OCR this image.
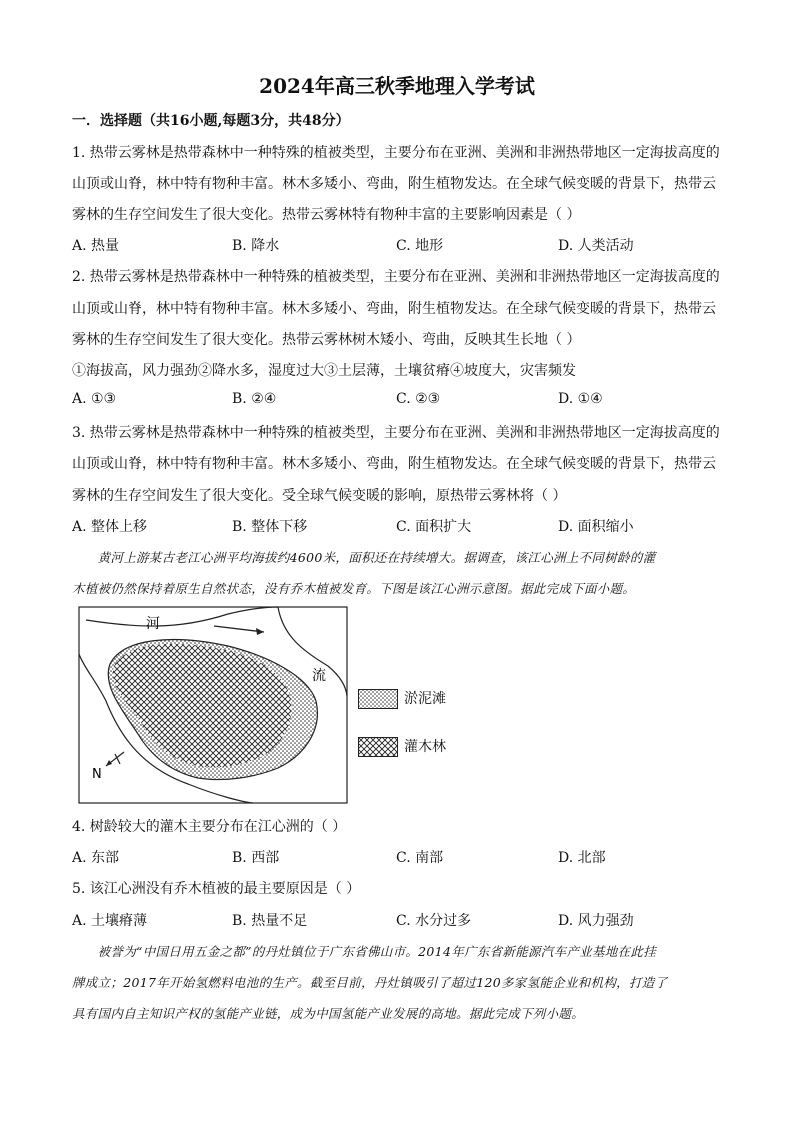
2024年高三秋季地理入学考试
一．选择题（共16小题,每题3分，共48分）
1. 热带云雾林是热带森林中一种特殊的植被类型，主要分布在亚洲、美洲和非洲热带地区一定海拔高度的
山顶或山脊，林中特有物种丰富。林木多矮小、弯曲，附生植物发达。在全球气候变暖的背景下，热带云
雾林的生存空间发生了很大变化。热带云雾林特有物种丰富的主要影响因素是（ ）
A. 热量	B. 降水	C. 地形	D. 人类活动
2. 热带云雾林是热带森林中一种特殊的植被类型，主要分布在亚洲、美洲和非洲热带地区一定海拔高度的
山顶或山脊，林中特有物种丰富。林木多矮小、弯曲，附生植物发达。在全球气候变暖的背景下，热带云
雾林的生存空间发生了很大变化。热带云雾林树木矮小、弯曲，反映其生长地（ ）
①海拔高，风力强劲②降水多，湿度过大③土层薄，土壤贫瘠④坡度大，灾害频发
A. ①③	B. ②④	C. ②③	D. ①④
3. 热带云雾林是热带森林中一种特殊的植被类型，主要分布在亚洲、美洲和非洲热带地区一定海拔高度的
山顶或山脊，林中特有物种丰富。林木多矮小、弯曲，附生植物发达。在全球气候变暖的背景下，热带云
雾林的生存空间发生了很大变化。受全球气候变暖的影响，原热带云雾林将（ ）
A. 整体上移	B. 整体下移	C. 面积扩大	D. 面积缩小
　　黄河上游某古老江心洲平均海拔约4600米，面积还在持续增大。据调查，该江心洲上不同树龄的灌
木植被仍然保持着原生自然状态，没有乔木植被发育。下图是该江心洲示意图。据此完成下面小题。
河
流
N
淤泥滩
灌木林
4. 树龄较大的灌木主要分布在江心洲的（ ）
A. 东部	B. 西部	C. 南部	D. 北部
5. 该江心洲没有乔木植被的最主要原因是（ ）
A. 土壤瘠薄	B. 热量不足	C. 水分过多	D. 风力强劲
　　被誉为“中国日用五金之都”的丹灶镇位于广东省佛山市。2014年广东省新能源汽车产业基地在此挂
牌成立；2017年开始氢燃料电池的生产。截至目前，丹灶镇吸引了超过120多家氢能企业和机构，打造了
具有国内自主知识产权的氢能产业链，成为中国氢能产业发展的高地。据此完成下列小题。
